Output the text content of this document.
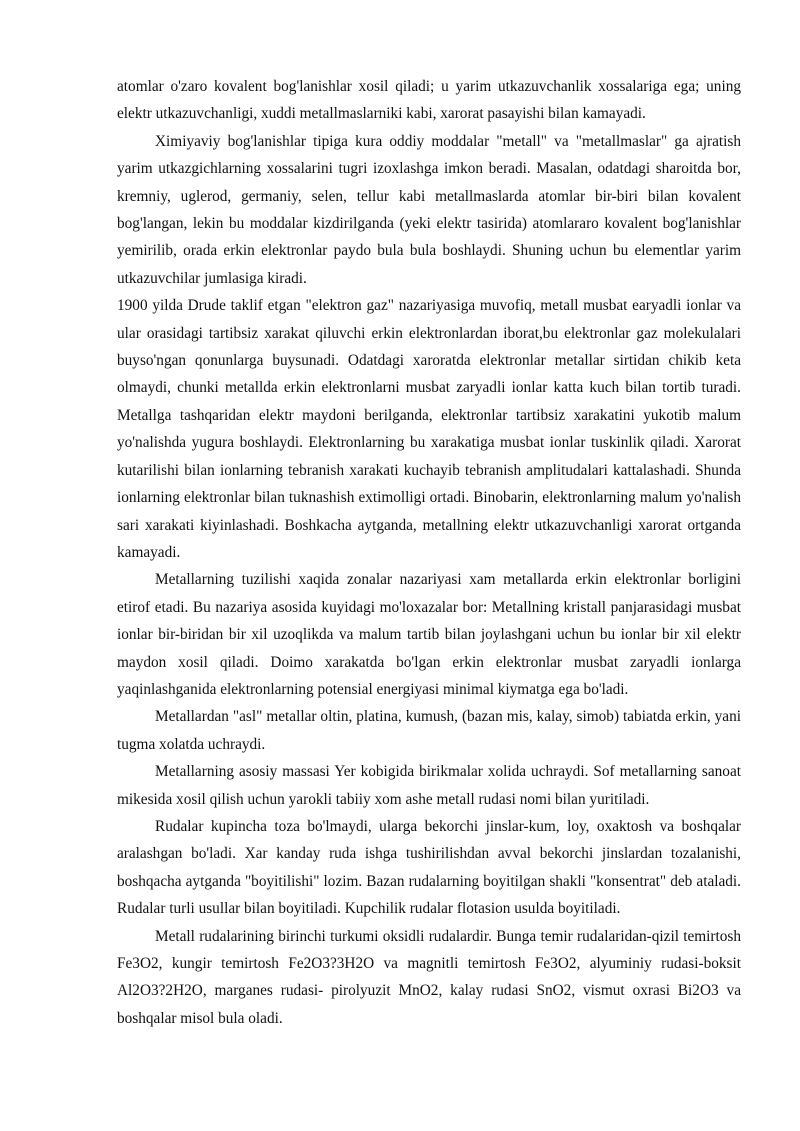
atomlar o'zaro kovalent bog'lanishlar xosil qiladi; u yarim utkazuvchanlik xossalariga ega; uning elektr utkazuvchanligi, xuddi metallmaslarniki kabi, xarorat pasayishi bilan kamayadi.

Ximiyaviy bog'lanishlar tipiga kura oddiy moddalar "metall" va "metallmaslar" ga ajratish yarim utkazgichlarning xossalarini tugri izoxlashga imkon beradi. Masalan, odatdagi sharoitda bor, kremniy, uglerod, germaniy, selen, tellur kabi metallmaslarda atomlar bir-biri bilan kovalent bog'langan, lekin bu moddalar kizdirilganda (yeki elektr tasirida) atomlararo kovalent bog'lanishlar yemirilib, orada erkin elektronlar paydo bula bula boshlaydi. Shuning uchun bu elementlar yarim utkazuvchilar jumlasiga kiradi.

1900 yilda Drude taklif etgan "elektron gaz" nazariyasiga muvofiq, metall musbat earyadli ionlar va ular orasidagi tartibsiz xarakat qiluvchi erkin elektronlardan iborat,bu elektronlar gaz molekulalari buyso'ngan qonunlarga buysunadi. Odatdagi xaroratda elektronlar metallar sirtidan chikib keta olmaydi, chunki metallda erkin elektronlarni musbat zaryadli ionlar katta kuch bilan tortib turadi. Metallga tashqaridan elektr maydoni berilganda, elektronlar tartibsiz xarakatini yukotib malum yo'nalishda yugura boshlaydi. Elektronlarning bu xarakatiga musbat ionlar tuskinlik qiladi. Xarorat kutarilishi bilan ionlarning tebranish xarakati kuchayib tebranish amplitudalari kattalashadi. Shunda ionlarning elektronlar bilan tuknashish extimolligi ortadi. Binobarin, elektronlarning malum yo'nalish sari xarakati kiyinlashadi. Boshkacha aytganda, metallning elektr utkazuvchanligi xarorat ortganda kamayadi.

Metallarning tuzilishi xaqida zonalar nazariyasi xam metallarda erkin elektronlar borligini etirof etadi. Bu nazariya asosida kuyidagi mo'loxazalar bor: Metallning kristall panjarasidagi musbat ionlar bir-biridan bir xil uzoqlikda va malum tartib bilan joylashgani uchun bu ionlar bir xil elektr maydon xosil qiladi. Doimo xarakatda bo'lgan erkin elektronlar musbat zaryadli ionlarga yaqinlashganida elektronlarning potensial energiyasi minimal kiymatga ega bo'ladi.

Metallardan "asl" metallar oltin, platina, kumush, (bazan mis, kalay, simob) tabiatda erkin, yani tugma xolatda uchraydi.

Metallarning asosiy massasi Yer kobigida birikmalar xolida uchraydi. Sof metallarning sanoat mikesida xosil qilish uchun yarokli tabiiy xom ashe metall rudasi nomi bilan yuritiladi.

Rudalar kupincha toza bo'lmaydi, ularga bekorchi jinslar-kum, loy, oxaktosh va boshqalar aralashgan bo'ladi. Xar kanday ruda ishga tushirilishdan avval bekorchi jinslardan tozalanishi, boshqacha aytganda "boyitilishi" lozim. Bazan rudalarning boyitilgan shakli "konsentrat" deb ataladi. Rudalar turli usullar bilan boyitiladi. Kupchilik rudalar flotasion usulda boyitiladi.

Metall rudalarining birinchi turkumi oksidli rudalardir. Bunga temir rudalaridan-qizil temirtosh Fe3O2, kungir temirtosh Fe2O3?3H2O va magnitli temirtosh Fe3O2, alyuminiy rudasi-boksit Al2O3?2H2O, marganes rudasi- pirolyuzit MnO2, kalay rudasi SnO2, vismut oxrasi Bi2O3 va boshqalar misol bula oladi.
